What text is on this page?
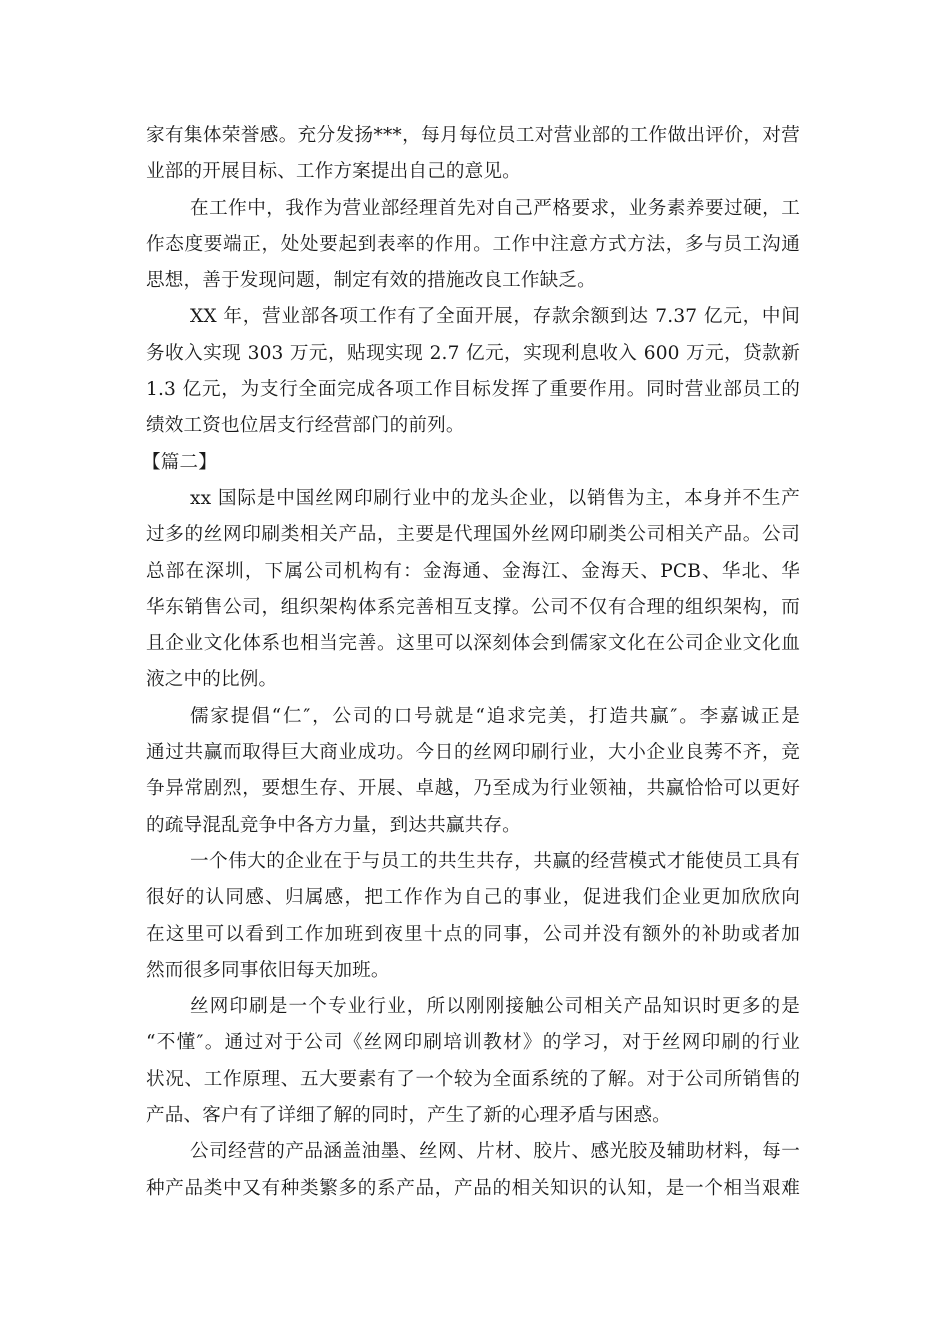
家有集体荣誉感。充分发扬***，每月每位员工对营业部的工作做出评价，对营
业部的开展目标、工作方案提出自己的意见。
在工作中，我作为营业部经理首先对自己严格要求，业务素养要过硬，工
作态度要端正，处处要起到表率的作用。工作中注意方式方法，多与员工沟通
思想，善于发现问题，制定有效的措施改良工作缺乏。
XX 年，营业部各项工作有了全面开展，存款余额到达 7.37 亿元，中间
务收入实现 303 万元，贴现实现 2.7 亿元，实现利息收入 600 万元，贷款新
1.3 亿元，为支行全面完成各项工作目标发挥了重要作用。同时营业部员工的
绩效工资也位居支行经营部门的前列。
【篇二】
xx 国际是中国丝网印刷行业中的龙头企业，以销售为主，本身并不生产
过多的丝网印刷类相关产品，主要是代理国外丝网印刷类公司相关产品。公司
总部在深圳，下属公司机构有：金海通、金海江、金海天、PCB、华北、华
华东销售公司，组织架构体系完善相互支撑。公司不仅有合理的组织架构，而
且企业文化体系也相当完善。这里可以深刻体会到儒家文化在公司企业文化血
液之中的比例。
儒家提倡“仁″，公司的口号就是“追求完美，打造共赢″。李嘉诚正是
通过共赢而取得巨大商业成功。今日的丝网印刷行业，大小企业良莠不齐，竞
争异常剧烈，要想生存、开展、卓越，乃至成为行业领袖，共赢恰恰可以更好
的疏导混乱竞争中各方力量，到达共赢共存。
一个伟大的企业在于与员工的共生共存，共赢的经营模式才能使员工具有
很好的认同感、归属感，把工作作为自己的事业，促进我们企业更加欣欣向
在这里可以看到工作加班到夜里十点的同事，公司并没有额外的补助或者加
然而很多同事依旧每天加班。
丝网印刷是一个专业行业，所以刚刚接触公司相关产品知识时更多的是
“不懂″。通过对于公司《丝网印刷培训教材》的学习，对于丝网印刷的行业
状况、工作原理、五大要素有了一个较为全面系统的了解。对于公司所销售的
产品、客户有了详细了解的同时，产生了新的心理矛盾与困惑。
公司经营的产品涵盖油墨、丝网、片材、胶片、感光胶及辅助材料，每一
种产品类中又有种类繁多的系产品，产品的相关知识的认知，是一个相当艰难
